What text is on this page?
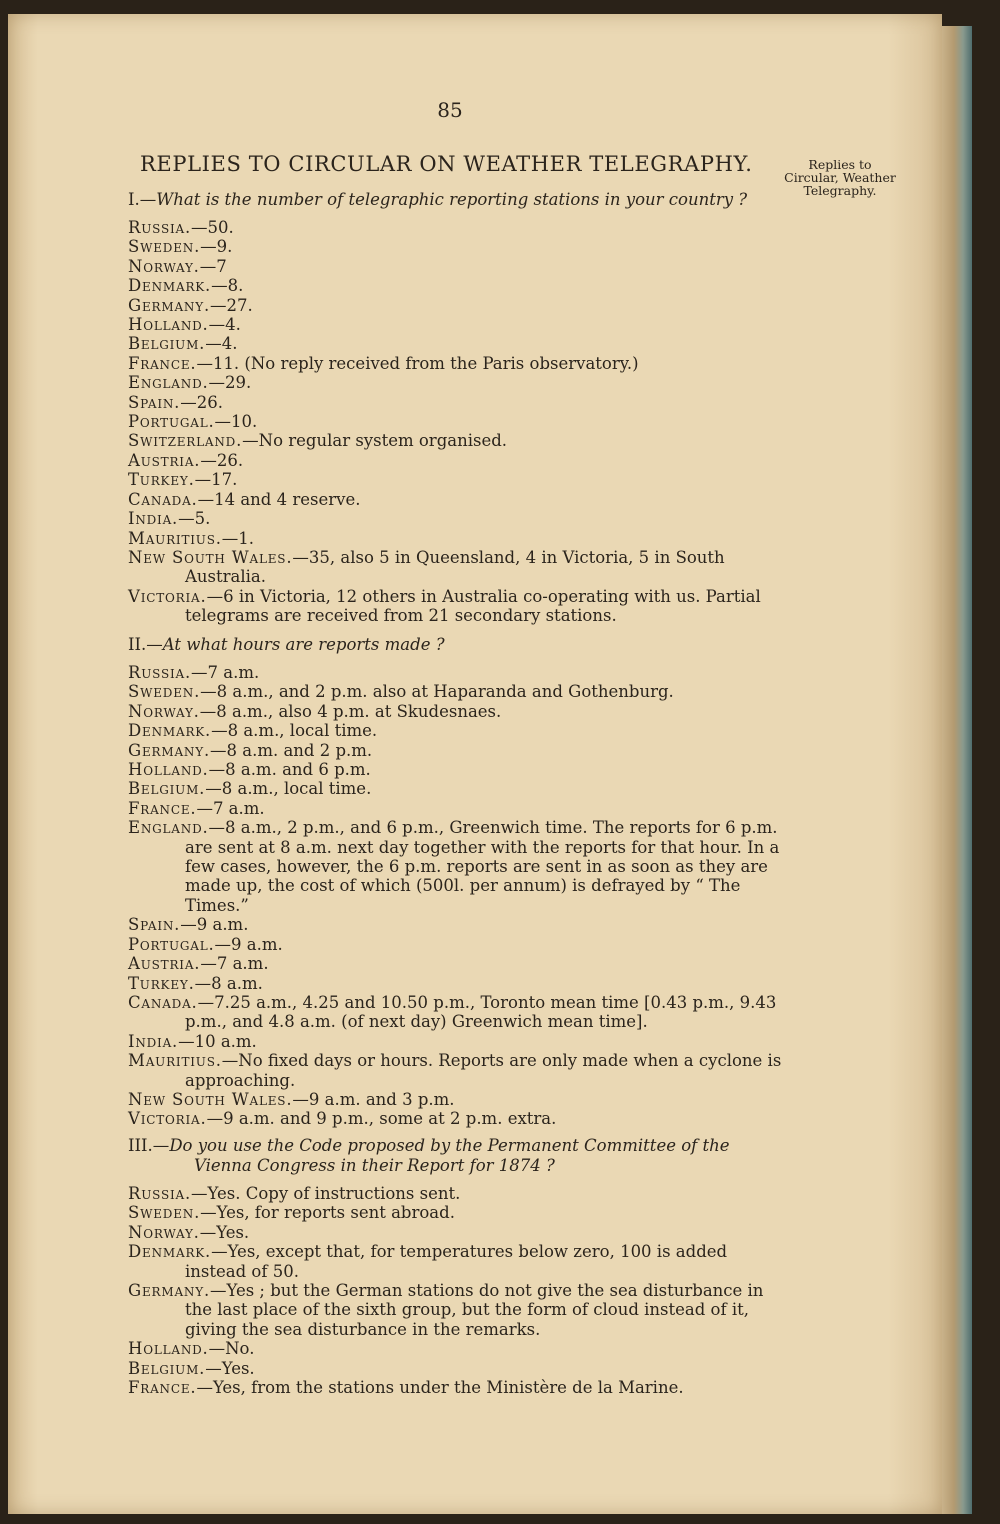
85
REPLIES TO CIRCULAR ON WEATHER TELEGRAPHY.	Replies to Circular, Weather Telegraphy.
I.—What is the number of telegraphic reporting stations in your country ?
Russia.—50.
Sweden.—9.
Norway.—7
Denmark.—8.
Germany.—27.
Holland.—4.
Belgium.—4.
France.—11. (No reply received from the Paris observatory.)
England.—29.
Spain.—26.
Portugal.—10.
Switzerland.—No regular system organised.
Austria.—26.
Turkey.—17.
Canada.—14 and 4 reserve.
India.—5.
Mauritius.—1.
New South Wales.—35, also 5 in Queensland, 4 in Victoria, 5 in South Australia.
Victoria.—6 in Victoria, 12 others in Australia co-operating with us. Partial telegrams are received from 21 secondary stations.
II.—At what hours are reports made ?
Russia.—7 a.m.
Sweden.—8 a.m., and 2 p.m. also at Haparanda and Gothenburg.
Norway.—8 a.m., also 4 p.m. at Skudesnaes.
Denmark.—8 a.m., local time.
Germany.—8 a.m. and 2 p.m.
Holland.—8 a.m. and 6 p.m.
Belgium.—8 a.m., local time.
France.—7 a.m.
England.—8 a.m., 2 p.m., and 6 p.m., Greenwich time. The reports for 6 p.m. are sent at 8 a.m. next day together with the reports for that hour. In a few cases, however, the 6 p.m. reports are sent in as soon as they are made up, the cost of which (500l. per annum) is defrayed by “ The Times.”
Spain.—9 a.m.
Portugal.—9 a.m.
Austria.—7 a.m.
Turkey.—8 a.m.
Canada.—7.25 a.m., 4.25 and 10.50 p.m., Toronto mean time [0.43 p.m., 9.43 p.m., and 4.8 a.m. (of next day) Greenwich mean time].
India.—10 a.m.
Mauritius.—No fixed days or hours. Reports are only made when a cyclone is approaching.
New South Wales.—9 a.m. and 3 p.m.
Victoria.—9 a.m. and 9 p.m., some at 2 p.m. extra.
III.—Do you use the Code proposed by the Permanent Committee of the Vienna Congress in their Report for 1874 ?
Russia.—Yes. Copy of instructions sent.
Sweden.—Yes, for reports sent abroad.
Norway.—Yes.
Denmark.—Yes, except that, for temperatures below zero, 100 is added instead of 50.
Germany.—Yes ; but the German stations do not give the sea disturbance in the last place of the sixth group, but the form of cloud instead of it, giving the sea disturbance in the remarks.
Holland.—No.
Belgium.—Yes.
France.—Yes, from the stations under the Ministère de la Marine.
